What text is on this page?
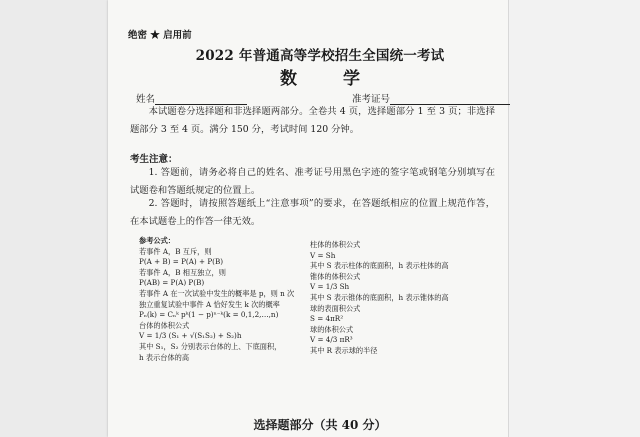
绝密 ★ 启用前
2022 年普通高等学校招生全国统一考试
数 学
姓名	准考证号
本试题卷分选择题和非选择题两部分。全卷共 4 页，选择题部分 1 至 3 页；非选择题部分 3 至 4 页。满分 150 分，考试时间 120 分钟。
考生注意：
1. 答题前，请务必将自己的姓名、准考证号用黑色字迹的签字笔或钢笔分别填写在试题卷和答题纸规定的位置上。
2. 答题时，请按照答题纸上“注意事项”的要求，在答题纸相应的位置上规范作答，在本试题卷上的作答一律无效。
参考公式：
若事件 A，B 互斥，则
P(A + B) = P(A) + P(B)
若事件 A，B 相互独立，则
P(AB) = P(A) P(B)
若事件 A 在一次试验中发生的概率是 p，则 n 次
独立重复试验中事件 A 恰好发生 k 次的概率
Pₙ(k) = Cₙᵏ pᵏ(1 − p)ⁿ⁻ᵏ(k = 0,1,2,…,n)
台体的体积公式
V = 1/3 (S₁ + √(S₁S₂) + S₂)h
其中 S₁，S₂ 分别表示台体的上、下底面积，
h 表示台体的高
柱体的体积公式
V = Sh
其中 S 表示柱体的底面积，h 表示柱体的高
锥体的体积公式
V = 1/3 Sh
其中 S 表示锥体的底面积，h 表示锥体的高
球的表面积公式
S = 4πR²
球的体积公式
V = 4/3 πR³
其中 R 表示球的半径
选择题部分（共 40 分）
